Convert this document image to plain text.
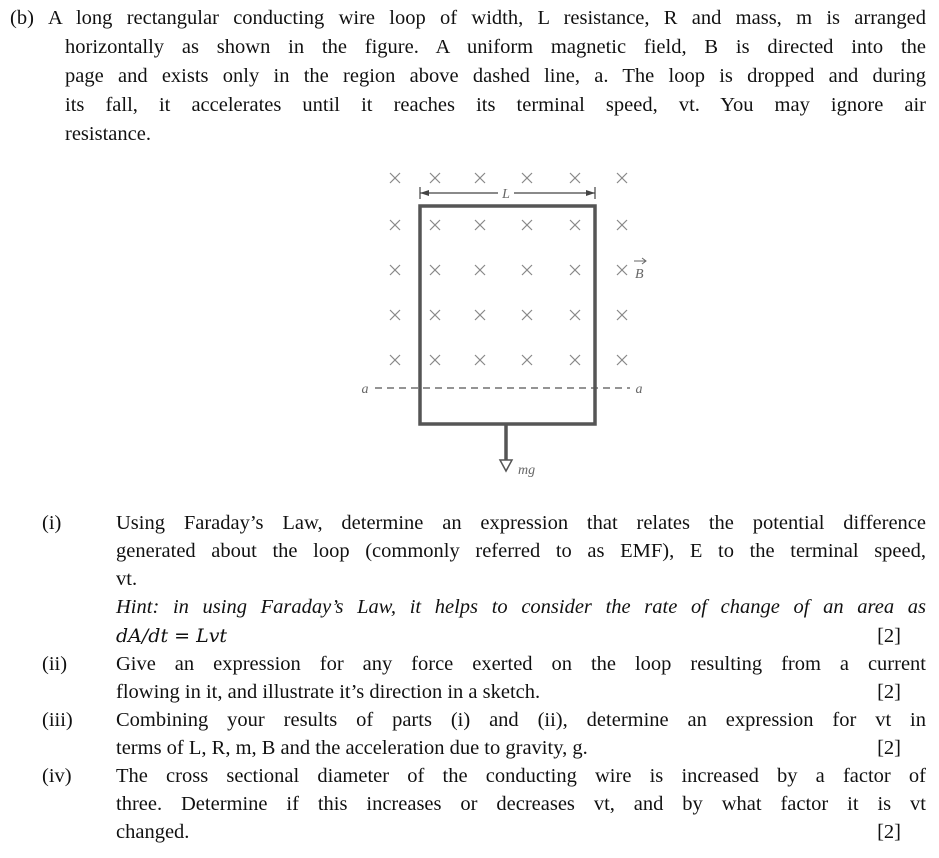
(b) A long rectangular conducting wire loop of width, L resistance, R and mass, m is arranged
horizontally as shown in the figure. A uniform magnetic field, B is directed into the
page and exists only in the region above dashed line, a. The loop is dropped and during
its fall, it accelerates until it reaches its terminal speed, vt. You may ignore air
resistance.
L
a	a
B
mg
(i)	Using Faraday’s Law, determine an expression that relates the potential difference
generated about the loop (commonly referred to as EMF), E to the terminal speed,
vt.
Hint: in using Faraday’s Law, it helps to consider the rate of change of an area as
dA/dt = Lvt	[2]
(ii) Give an expression for any force exerted on the loop resulting from a current
flowing in it, and illustrate it’s direction in a sketch.	[2]
(iii) Combining your results of parts (i) and (ii), determine an expression for vt in
terms of L, R, m, B and the acceleration due to gravity, g.	[2]
(iv) The cross sectional diameter of the conducting wire is increased by a factor of
three. Determine if this increases or decreases vt, and by what factor it is vt
changed.	[2]
